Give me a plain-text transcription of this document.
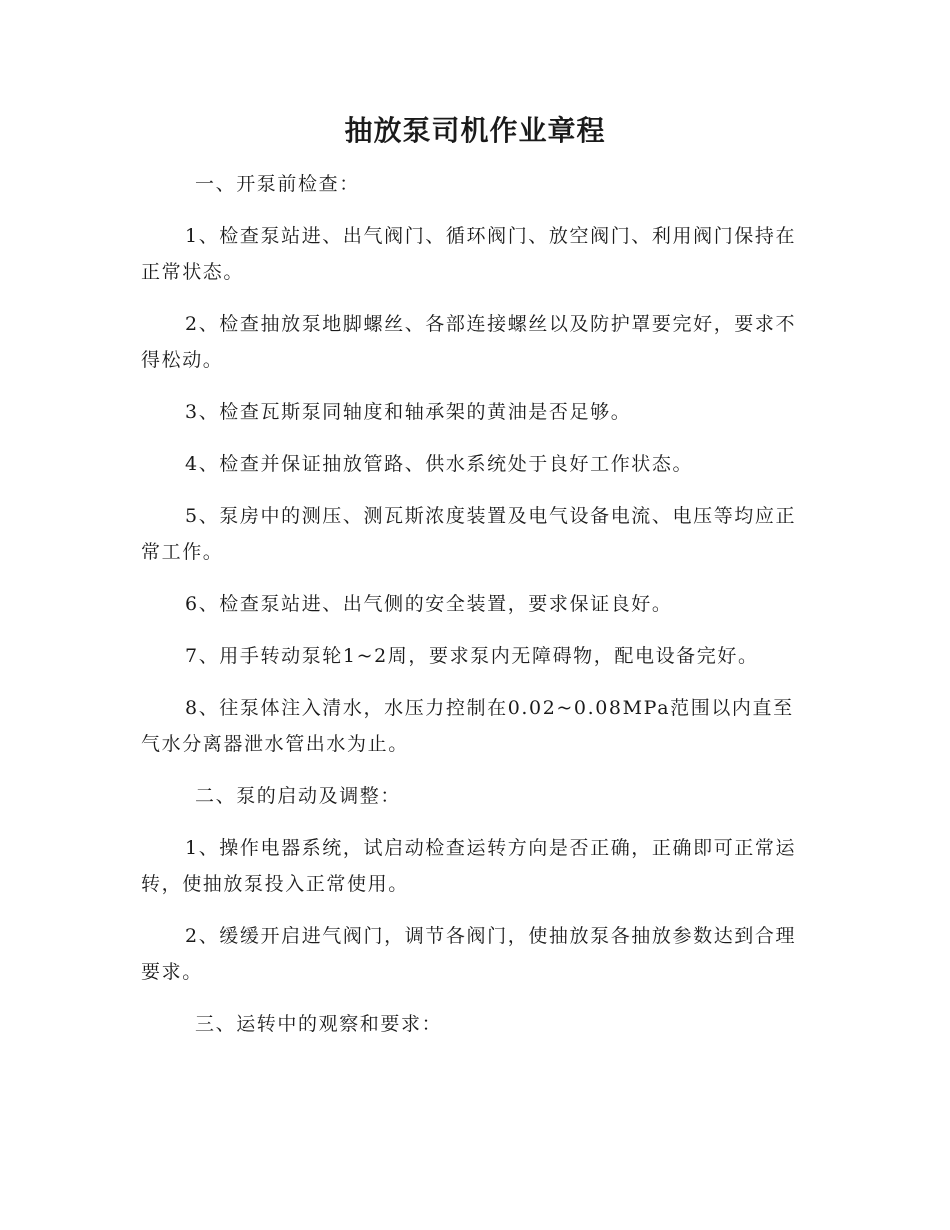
抽放泵司机作业章程

一、开泵前检查：

1、检查泵站进、出气阀门、循环阀门、放空阀门、利用阀门保持在正常状态。

2、检查抽放泵地脚螺丝、各部连接螺丝以及防护罩要完好，要求不得松动。

3、检查瓦斯泵同轴度和轴承架的黄油是否足够。

4、检查并保证抽放管路、供水系统处于良好工作状态。

5、泵房中的测压、测瓦斯浓度装置及电气设备电流、电压等均应正常工作。

6、检查泵站进、出气侧的安全装置，要求保证良好。

7、用手转动泵轮1~2周，要求泵内无障碍物，配电设备完好。

8、往泵体注入清水，水压力控制在0.02~0.08MPa范围以内直至气水分离器泄水管出水为止。

二、泵的启动及调整：

1、操作电器系统，试启动检查运转方向是否正确，正确即可正常运转，使抽放泵投入正常使用。

2、缓缓开启进气阀门，调节各阀门，使抽放泵各抽放参数达到合理要求。

三、运转中的观察和要求：
